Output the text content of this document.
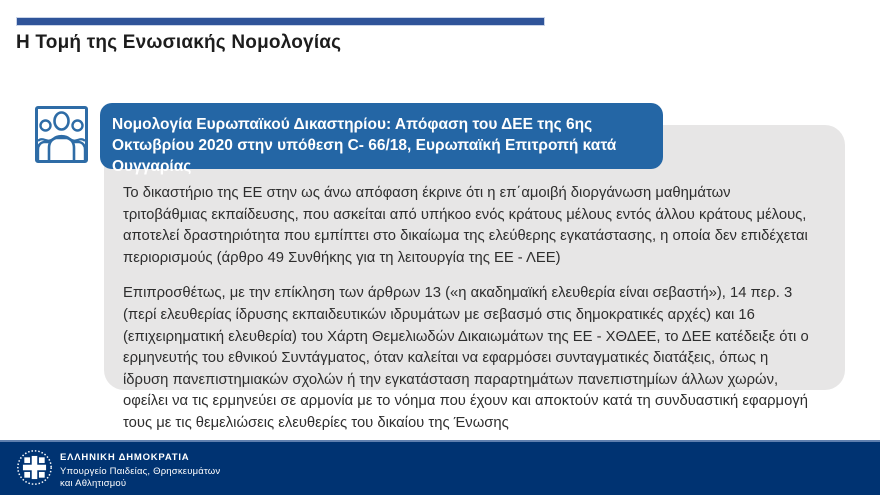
Η Τομή της Ενωσιακής Νομολογίας
Νομολογία Ευρωπαϊκού Δικαστηρίου: Απόφαση του ΔΕΕ της 6ης Οκτωβρίου 2020 στην υπόθεση C- 66/18, Ευρωπαϊκή Επιτροπή κατά Ουγγαρίας

Το δικαστήριο της ΕΕ στην ως άνω απόφαση έκρινε ότι η επ΄αμοιβή διοργάνωση μαθημάτων τριτοβάθμιας εκπαίδευσης, που ασκείται από υπήκοο ενός κράτους μέλους εντός άλλου κράτους μέλους, αποτελεί δραστηριότητα που εμπίπτει στο δικαίωμα της ελεύθερης εγκατάστασης, η οποία δεν επιδέχεται περιορισμούς (άρθρο 49 Συνθήκης για τη λειτουργία της ΕΕ - ΛΕΕ)

Επιπροσθέτως, με την επίκληση των άρθρων 13 («η ακαδημαϊκή ελευθερία είναι σεβαστή»), 14 περ. 3 (περί ελευθερίας ίδρυσης εκπαιδευτικών ιδρυμάτων με σεβασμό στις δημοκρατικές αρχές) και 16 (επιχειρηματική ελευθερία) του Χάρτη Θεμελιωδών Δικαιωμάτων της ΕΕ - ΧΘΔΕΕ, το ΔΕΕ κατέδειξε ότι ο ερμηνευτής του εθνικού Συντάγματος, όταν καλείται να εφαρμόσει συνταγματικές διατάξεις, όπως η ίδρυση πανεπιστημιακών σχολών ή την εγκατάσταση παραρτημάτων πανεπιστημίων άλλων χωρών, οφείλει να τις ερμηνεύει σε αρμονία με το νόημα που έχουν και αποκτούν κατά τη συνδυαστική εφαρμογή τους με τις θεμελιώσεις ελευθερίες του δικαίου της Ένωσης

ΕΛΛΗΝΙΚΗ ΔΗΜΟΚΡΑΤΙΑ
Υπουργείο Παιδείας, Θρησκευμάτων
και Αθλητισμού
